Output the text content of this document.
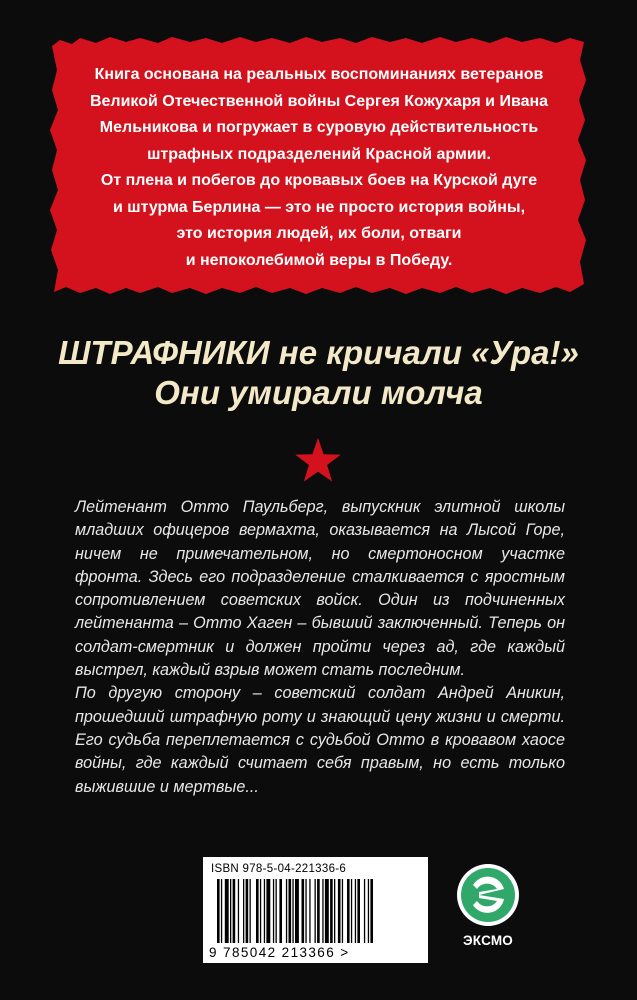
Книга основана на реальных воспоминаниях ветеранов
Великой Отечественной войны Сергея Кожухаря и Ивана
Мельникова и погружает в суровую действительность
штрафных подразделений Красной армии.
От плена и побегов до кровавых боев на Курской дуге
и штурма Берлина — это не просто история войны,
это история людей, их боли, отваги
и непоколебимой веры в Победу.
ШТРАФНИКИ не кричали «Ура!»
Они умирали молча

Лейтенант Отто Паульберг, выпускник элитной школы младших офицеров вермахта, оказывается на Лысой Горе, ничем не примечательном, но смертоносном участке фронта. Здесь его подразделение сталкивается с яростным сопротивлением советских войск. Один из подчиненных лейтенанта – Отто Хаген – бывший заключенный. Теперь он солдат-смертник и должен пройти через ад, где каждый выстрел, каждый взрыв может стать последним.

По другую сторону – советский солдат Андрей Аникин, прошедший штрафную роту и знающий цену жизни и смерти. Его судьба переплетается с судьбой Отто в кровавом хаосе войны, где каждый считает себя правым, но есть только выжившие и мертвые...

ISBN 978-5-04-221336-6
9 785042 213366 >
ЭКСМО
